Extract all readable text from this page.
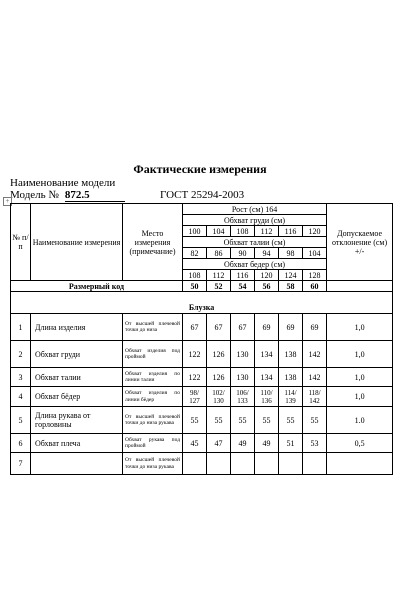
Фактические измерения
Наименование модели
Модель № 872.5	ГОСТ 25294-2003
+
№ п/ п	Наименование измерения	Место измерения (примечание)	Рост (см) 164						Допускаемое отклонение (см) +/-
			Обхват груди (см)						
			100	104	108	112	116	120	
			Обхват талии (см)						
			82	86	90	94	98	104	
			Обхват бедер (см)						
			108	112	116	120	124	128	
Размерный код			50	52	54	56	58	60	

Блузка									
1	Длина изделия	От высшей плечевой точки до низа	67	67	67	69	69	69	1,0
2	Обхват груди	Обхват изделия под проймой	122	126	130	134	138	142	1,0
3	Обхват талии	Обхват изделия по линии талии	122	126	130	134	138	142	1,0
4	Обхват бёдер	Обхват изделия по линии бёдер	98/ 127	102/ 130	106/ 133	110/ 136	114/ 139	118/ 142	1,0
5	Длина рукава от горловины	От высшей плечевой точки до низа рукава	55	55	55	55	55	55	1.0
6	Обхват плеча	Обхват рукава под проймой	45	47	49	49	51	53	0,5
7		От высшей плечевой точки до низа рукава							
